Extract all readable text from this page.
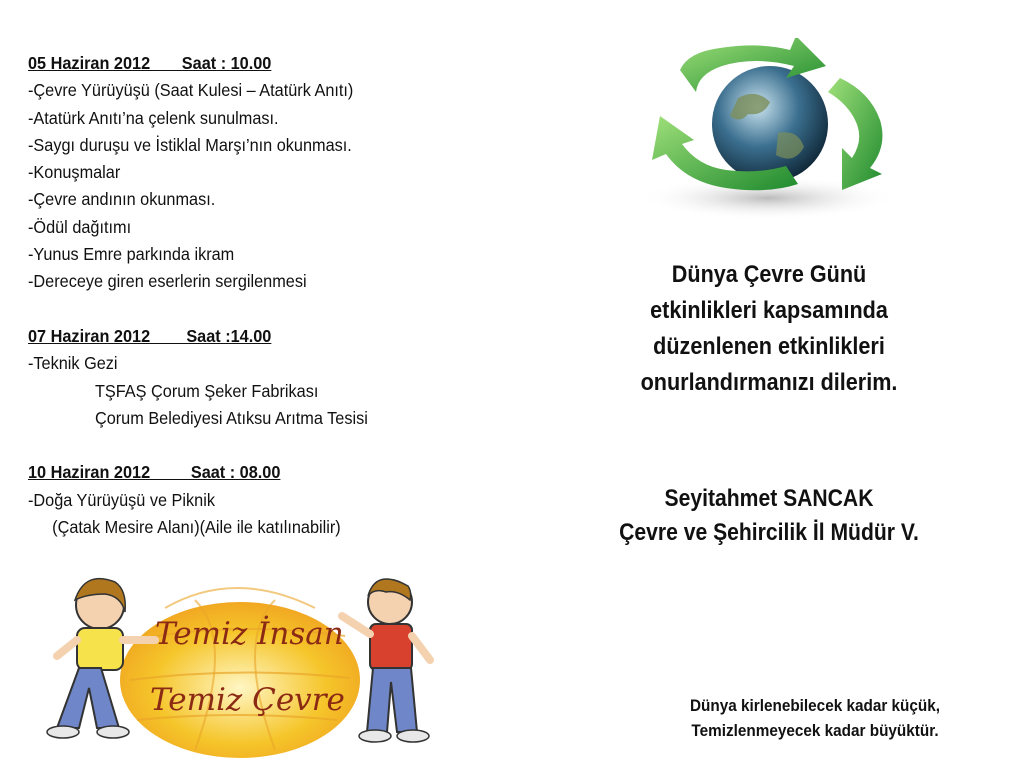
05 Haziran 2012       Saat : 10.00
-Çevre Yürüyüşü (Saat Kulesi – Atatürk Anıtı)
-Atatürk Anıtı’na çelenk sunulması.
-Saygı duruşu ve İstiklal Marşı’nın okunması.
-Konuşmalar
-Çevre andının okunması.
-Ödül dağıtımı
-Yunus Emre parkında ikram
-Dereceye giren eserlerin sergilenmesi
07 Haziran 2012        Saat :14.00
-Teknik Gezi
TŞFAŞ Çorum Şeker Fabrikası
Çorum Belediyesi Atıksu Arıtma Tesisi
10 Haziran 2012         Saat : 08.00
-Doğa Yürüyüşü ve Piknik
(Çatak Mesire Alanı)(Aile ile katılınabilir)
Dünya Çevre Günü
etkinlikleri kapsamında
düzenlenen etkinlikleri
onurlandırmanızı dilerim.
Seyitahmet SANCAK
Çevre ve Şehircilik İl Müdür V.
Dünya kirlenebilecek kadar küçük,
Temizlenmeyecek kadar büyüktür.
Temiz İnsan
Temiz Çevre
